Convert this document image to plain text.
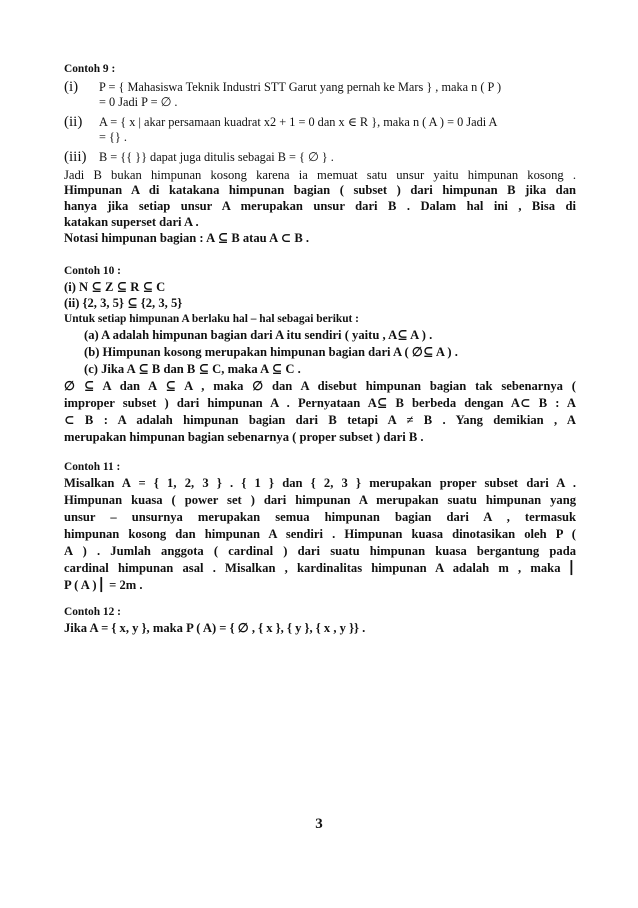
Contoh 9 :
(i) P = { Mahasiswa Teknik Industri STT Garut yang pernah ke Mars } , maka n ( P )
= 0 Jadi P = ∅ .
(ii) A = { x | akar persamaan kuadrat x2 + 1 = 0 dan x ∈ R }, maka n ( A ) = 0 Jadi A
= {} .
(iii) B = {{ }} dapat juga ditulis sebagai B = { ∅ } .
Jadi B bukan himpunan kosong karena ia memuat satu unsur yaitu himpunan kosong .
Himpunan A di katakana himpunan bagian ( subset ) dari himpunan B jika dan
hanya jika setiap unsur A merupakan unsur dari B . Dalam hal ini , Bisa di
katakan superset dari A .
Notasi himpunan bagian : A ⊆ B atau A ⊂ B .
Contoh 10 :
(i) N ⊆ Z ⊆ R ⊆ C
(ii) {2, 3, 5} ⊆ {2, 3, 5}
Untuk setiap himpunan A berlaku hal – hal sebagai berikut :
(a) A adalah himpunan bagian dari A itu sendiri ( yaitu , A⊆ A ) .
(b) Himpunan kosong merupakan himpunan bagian dari A ( ∅⊆ A ) .
(c) Jika A ⊆ B dan B ⊆ C, maka A ⊆ C .
∅ ⊆ A dan A ⊆ A , maka ∅ dan A disebut himpunan bagian tak sebenarnya (
improper subset ) dari himpunan A . Pernyataan A⊆ B berbeda dengan A⊂ B : A
⊂ B : A adalah himpunan bagian dari B tetapi A ≠ B . Yang demikian , A
merupakan himpunan bagian sebenarnya ( proper subset ) dari B .
Contoh 11 :
Misalkan A = { 1, 2, 3 } . { 1 } dan { 2, 3 } merupakan proper subset dari A .
Himpunan kuasa ( power set ) dari himpunan A merupakan suatu himpunan yang
unsur – unsurnya merupakan semua himpunan bagian dari A , termasuk
himpunan kosong dan himpunan A sendiri . Himpunan kuasa dinotasikan oleh P (
A ) . Jumlah anggota ( cardinal ) dari suatu himpunan kuasa bergantung pada
cardinal himpunan asal . Misalkan , kardinalitas himpunan A adalah m , maka ⎜
P ( A ) ⎜ = 2m .
Contoh 12 :
Jika A = { x, y }, maka P ( A) = { ∅ , { x }, { y }, { x , y }} .
3
